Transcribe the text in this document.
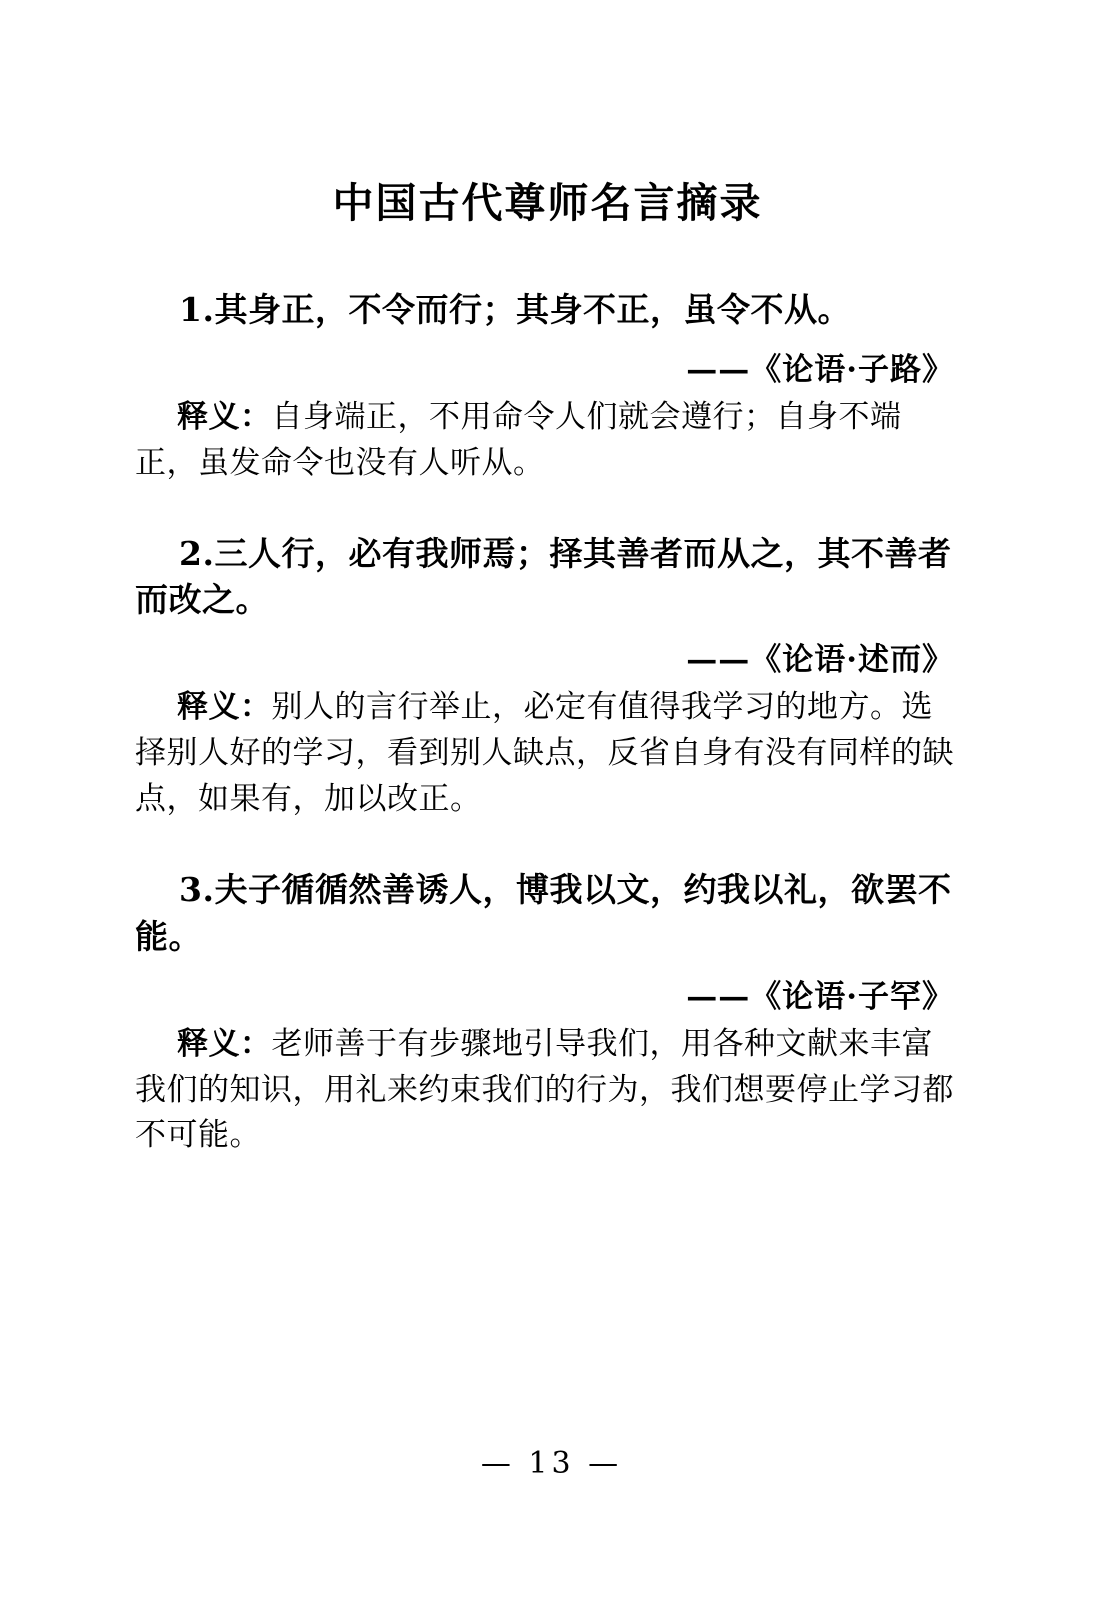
中国古代尊师名言摘录

1.其身正，不令而行；其身不正，虽令不从。

——《论语·子路》

释义：自身端正，不用命令人们就会遵行；自身不端正，虽发命令也没有人听从。

2.三人行，必有我师焉；择其善者而从之，其不善者而改之。

——《论语·述而》

释义：别人的言行举止，必定有值得我学习的地方。选择别人好的学习，看到别人缺点，反省自身有没有同样的缺点，如果有，加以改正。

3.夫子循循然善诱人，博我以文，约我以礼，欲罢不能。

——《论语·子罕》

释义：老师善于有步骤地引导我们，用各种文献来丰富我们的知识，用礼来约束我们的行为，我们想要停止学习都不可能。

— 13 —
